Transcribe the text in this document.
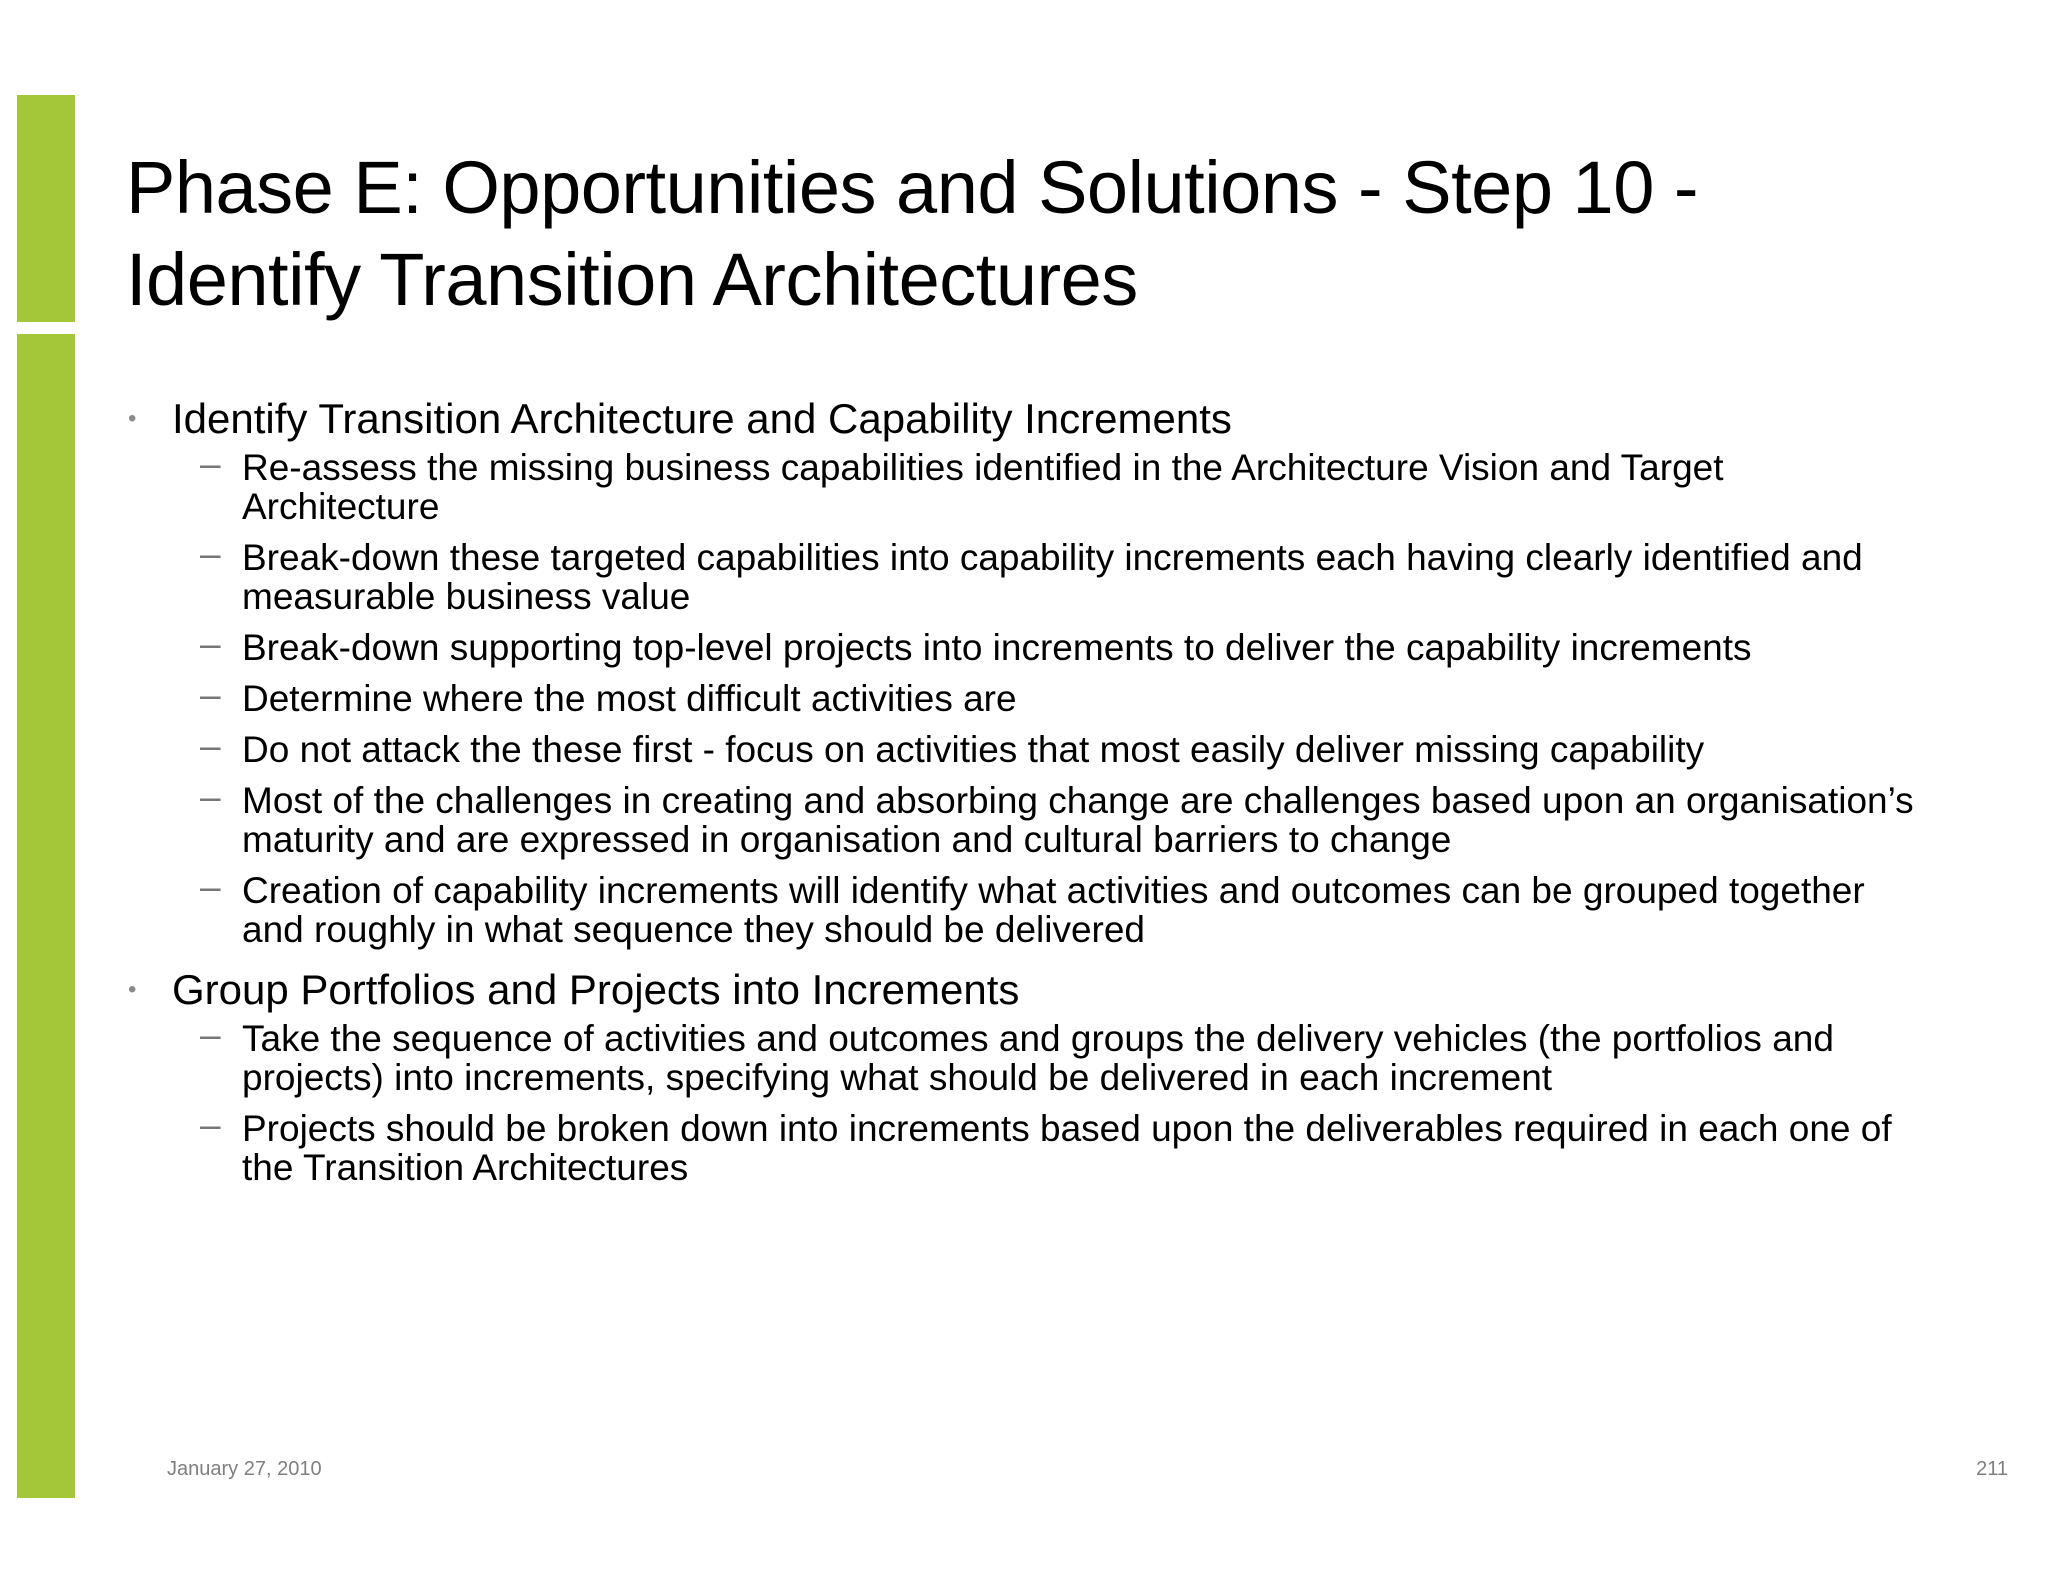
Phase E: Opportunities and Solutions - Step 10 - Identify Transition Architectures
• Identify Transition Architecture and Capability Increments
– Re-assess the missing business capabilities identified in the Architecture Vision and Target Architecture
– Break-down these targeted capabilities into capability increments each having clearly identified and measurable business value
– Break-down supporting top-level projects into increments to deliver the capability increments
– Determine where the most difficult activities are
– Do not attack the these first - focus on activities that most easily deliver missing capability
– Most of the challenges in creating and absorbing change are challenges based upon an organisation’s maturity and are expressed in organisation and cultural barriers to change
– Creation of capability increments will identify what activities and outcomes can be grouped together and roughly in what sequence they should be delivered
• Group Portfolios and Projects into Increments
– Take the sequence of activities and outcomes and groups the delivery vehicles (the portfolios and projects) into increments, specifying what should be delivered in each increment
– Projects should be broken down into increments based upon the deliverables required in each one of the Transition Architectures
January 27, 2010	211
